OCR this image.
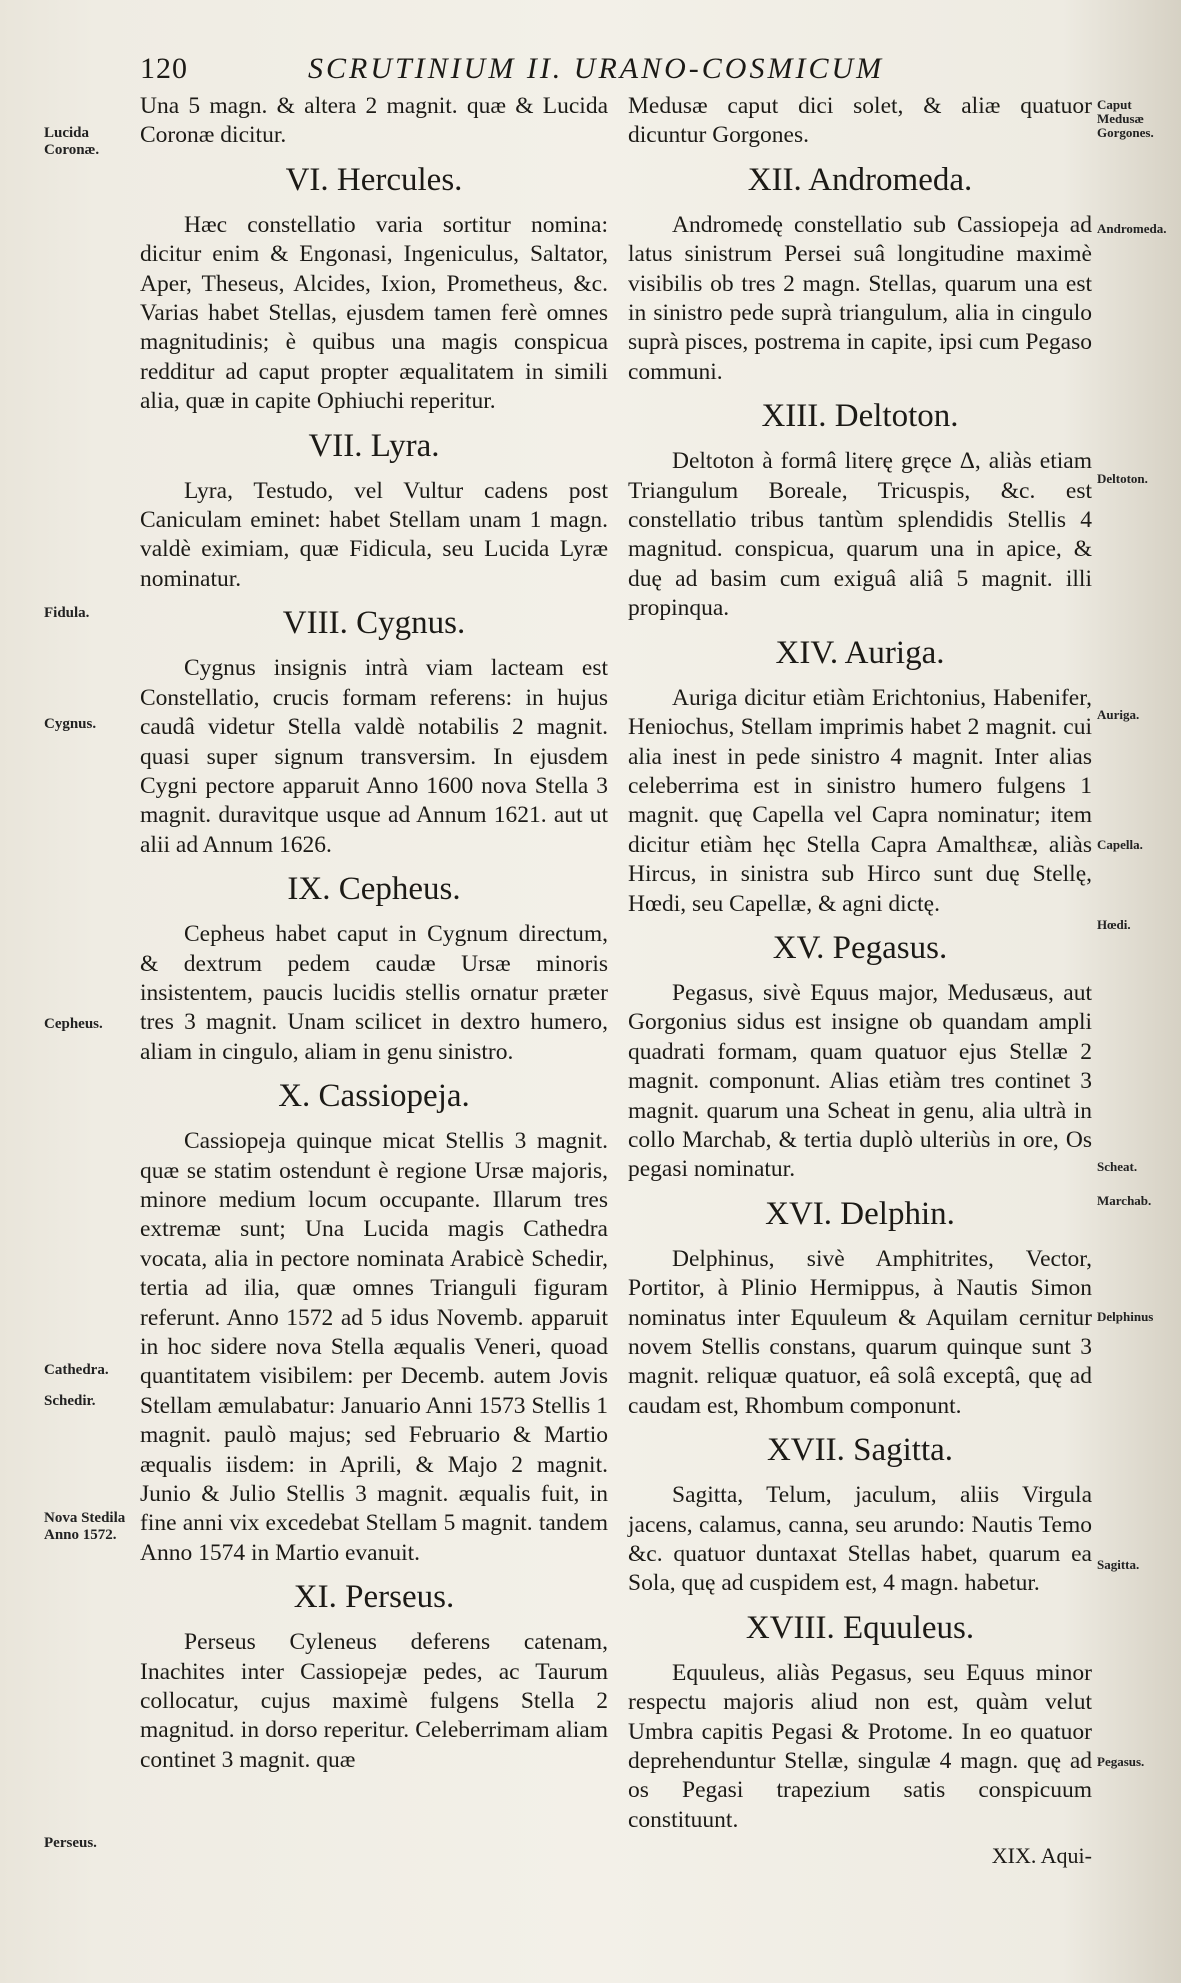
120	SCRUTINIUM II. URANO-COSMICUM

Una 5 magn. & altera 2 magnit. quæ & Lucida Coronæ dicitur.

VI. Hercules.

Hæc constellatio varia sortitur nomina: dicitur enim & Engonasi, Ingeniculus, Saltator, Aper, Theseus, Alcides, Ixion, Prometheus, &c. Varias habet Stellas, ejusdem tamen ferè omnes magnitudinis; è quibus una magis conspicua redditur ad caput propter æqualitatem in simili alia, quæ in capite Ophiuchi reperitur.

VII. Lyra.

Lyra, Testudo, vel Vultur cadens post Caniculam eminet: habet Stellam unam 1 magn. valdè eximiam, quæ Fidicula, seu Lucida Lyræ nominatur.

VIII. Cygnus.

Cygnus insignis intrà viam lacteam est Constellatio, crucis formam referens: in hujus caudâ videtur Stella valdè notabilis 2 magnit. quasi super signum transversim. In ejusdem Cygni pectore apparuit Anno 1600 nova Stella 3 magnit. duravitque usque ad Annum 1621. aut ut alii ad Annum 1626.

IX. Cepheus.

Cepheus habet caput in Cygnum directum, & dextrum pedem caudæ Ursæ minoris insistentem, paucis lucidis stellis ornatur præter tres 3 magnit. Unam scilicet in dextro humero, aliam in cingulo, aliam in genu sinistro.

X. Cassiopeja.

Cassiopeja quinque micat Stellis 3 magnit. quæ se statim ostendunt è regione Ursæ majoris, minore medium locum occupante. Illarum tres extremæ sunt; Una Lucida magis Cathedra vocata, alia in pectore nominata Arabicè Schedir, tertia ad ilia, quæ omnes Trianguli figuram referunt. Anno 1572 ad 5 idus Novemb. apparuit in hoc sidere nova Stella æqualis Veneri, quoad quantitatem visibilem: per Decemb. autem Jovis Stellam æmulabatur: Januario Anni 1573 Stellis 1 magnit. paulò majus; sed Februario & Martio æqualis iisdem: in Aprili, & Majo 2 magnit. Junio & Julio Stellis 3 magnit. æqualis fuit, in fine anni vix excedebat Stellam 5 magnit. tandem Anno 1574 in Martio evanuit.

XI. Perseus.

Perseus Cyleneus deferens catenam, Inachites inter Cassiopejæ pedes, ac Taurum collocatur, cujus maximè fulgens Stella 2 magnitud. in dorso reperitur. Celeberrimam aliam continet 3 magnit. quæ

Medusæ caput dici solet, & aliæ quatuor dicuntur Gorgones.

XII. Andromeda.

Andromedę constellatio sub Cassiopeja ad latus sinistrum Persei suâ longitudine maximè visibilis ob tres 2 magn. Stellas, quarum una est in sinistro pede suprà triangulum, alia in cingulo suprà pisces, postrema in capite, ipsi cum Pegaso communi.

XIII. Deltoton.

Deltoton à formâ literę gręce Δ, aliàs etiam Triangulum Boreale, Tricuspis, &c. est constellatio tribus tantùm splendidis Stellis 4 magnitud. conspicua, quarum una in apice, & duę ad basim cum exiguâ aliâ 5 magnit. illi propinqua.

XIV. Auriga.

Auriga dicitur etiàm Erichtonius, Habenifer, Heniochus, Stellam imprimis habet 2 magnit. cui alia inest in pede sinistro 4 magnit. Inter alias celeberrima est in sinistro humero fulgens 1 magnit. quę Capella vel Capra nominatur; item dicitur etiàm hęc Stella Capra Amalthεæ, aliàs Hircus, in sinistra sub Hirco sunt duę Stellę, Hœdi, seu Capellæ, & agni dictę.

XV. Pegasus.

Pegasus, sivè Equus major, Medusæus, aut Gorgonius sidus est insigne ob quandam ampli quadrati formam, quam quatuor ejus Stellæ 2 magnit. componunt. Alias etiàm tres continet 3 magnit. quarum una Scheat in genu, alia ultrà in collo Marchab, & tertia duplò ulteriùs in ore, Os pegasi nominatur.

XVI. Delphin.

Delphinus, sivè Amphitrites, Vector, Portitor, à Plinio Hermippus, à Nautis Simon nominatus inter Equuleum & Aquilam cernitur novem Stellis constans, quarum quinque sunt 3 magnit. reliquæ quatuor, eâ solâ exceptâ, quę ad caudam est, Rhombum componunt.

XVII. Sagitta.

Sagitta, Telum, jaculum, aliis Virgula jacens, calamus, canna, seu arundo: Nautis Temo &c. quatuor duntaxat Stellas habet, quarum ea Sola, quę ad cuspidem est, 4 magn. habetur.

XVIII. Equuleus.

Equuleus, aliàs Pegasus, seu Equus minor respectu majoris aliud non est, quàm velut Umbra capitis Pegasi & Protome. In eo quatuor deprehenduntur Stellæ, singulæ 4 magn. quę ad os Pegasi trapezium satis conspicuum constituunt.

XIX. Aqui-
Lucida Coronæ.
Fidula.
Cygnus.
Cepheus.
Cathedra.
Schedir.
Nova Stedila Anno 1572.
Perseus.
Caput Medusæ Gorgones.
Andromeda.
Deltoton.
Auriga.
Capella.
Hœdi.
Scheat.
Marchab.
Delphinus
Sagitta.
Pegasus.
